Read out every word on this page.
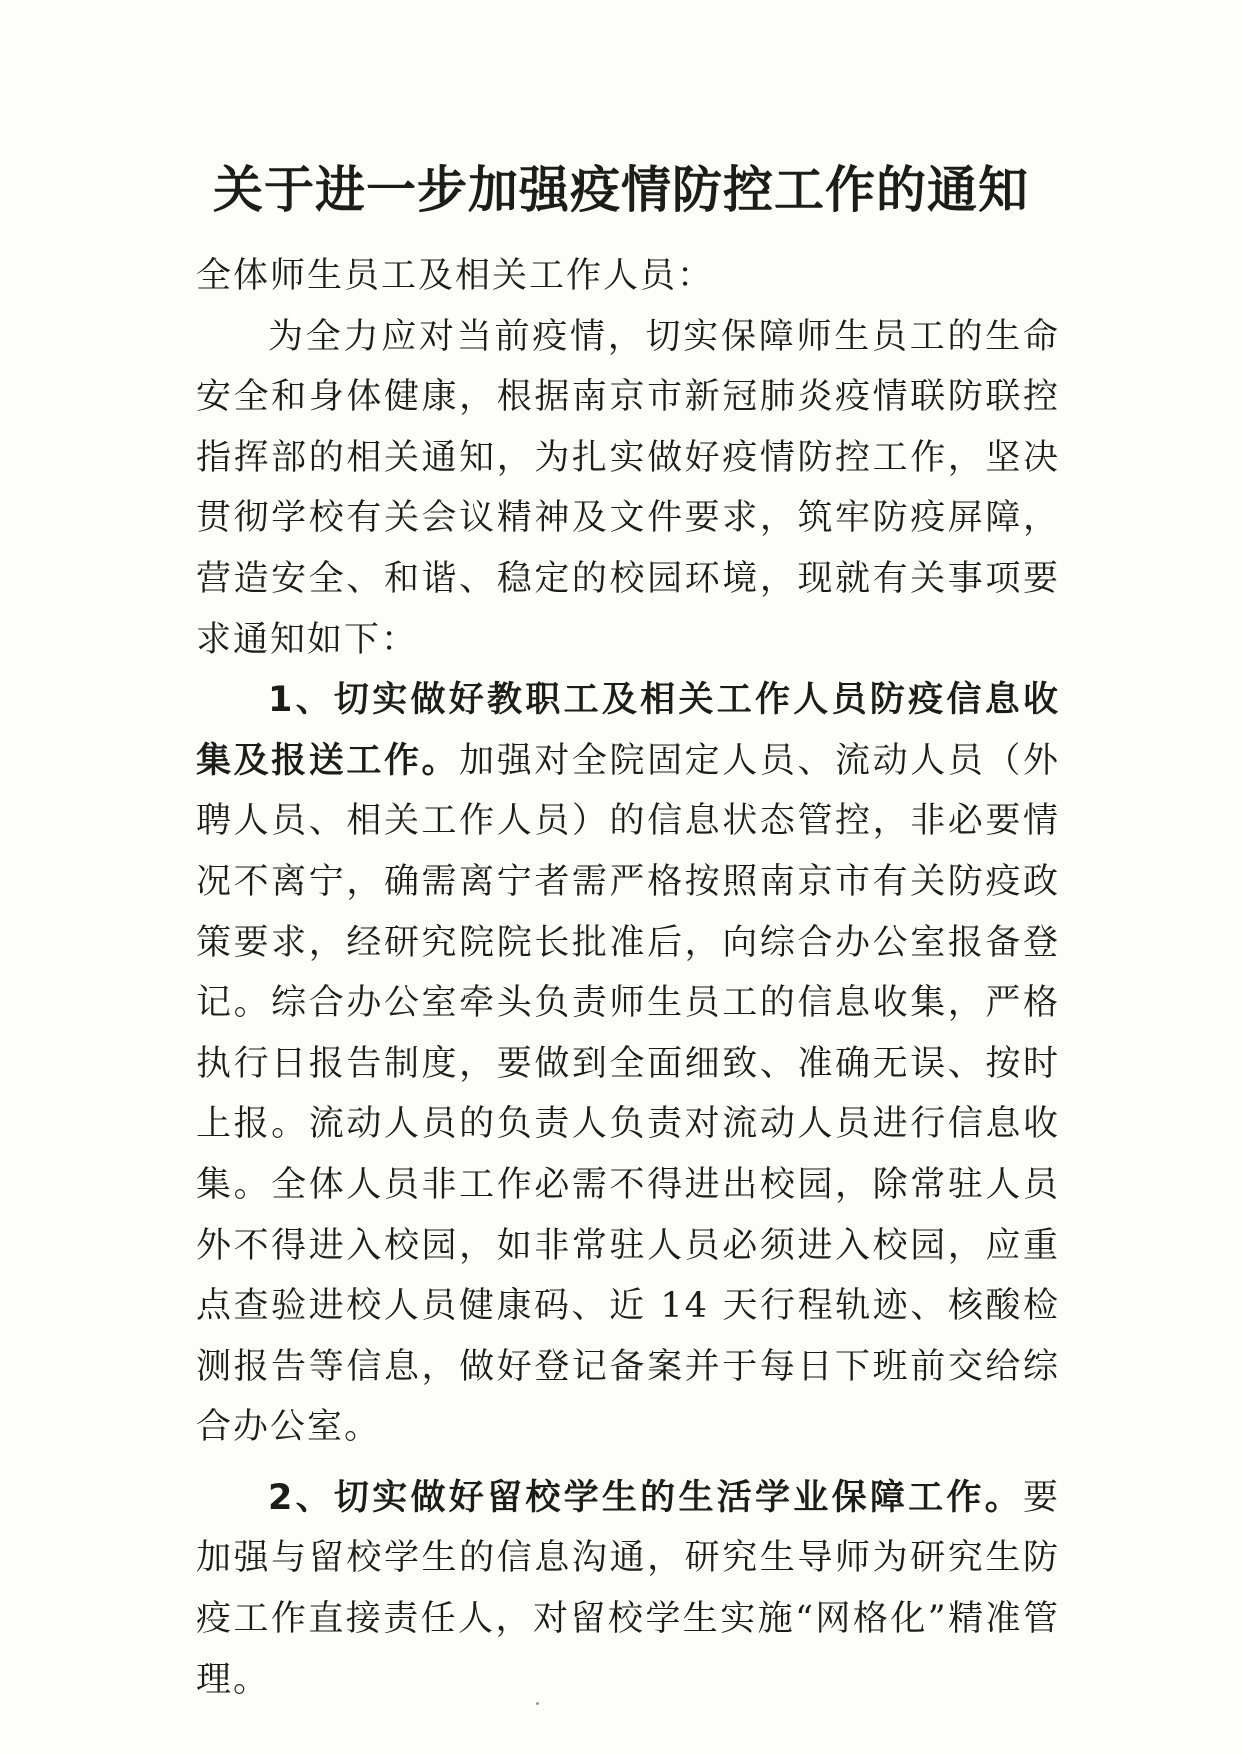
关于进一步加强疫情防控工作的通知

全体师生员工及相关工作人员：

为全力应对当前疫情，切实保障师生员工的生命安全和身体健康，根据南京市新冠肺炎疫情联防联控指挥部的相关通知，为扎实做好疫情防控工作，坚决贯彻学校有关会议精神及文件要求，筑牢防疫屏障，营造安全、和谐、稳定的校园环境，现就有关事项要求通知如下：

1、切实做好教职工及相关工作人员防疫信息收集及报送工作。加强对全院固定人员、流动人员（外聘人员、相关工作人员）的信息状态管控，非必要情况不离宁，确需离宁者需严格按照南京市有关防疫政策要求，经研究院院长批准后，向综合办公室报备登记。综合办公室牵头负责师生员工的信息收集，严格执行日报告制度，要做到全面细致、准确无误、按时上报。流动人员的负责人负责对流动人员进行信息收集。全体人员非工作必需不得进出校园，除常驻人员外不得进入校园，如非常驻人员必须进入校园，应重点查验进校人员健康码、近 14 天行程轨迹、核酸检测报告等信息，做好登记备案并于每日下班前交给综合办公室。

2、切实做好留校学生的生活学业保障工作。要加强与留校学生的信息沟通，研究生导师为研究生防疫工作直接责任人，对留校学生实施“网格化”精准管理。
